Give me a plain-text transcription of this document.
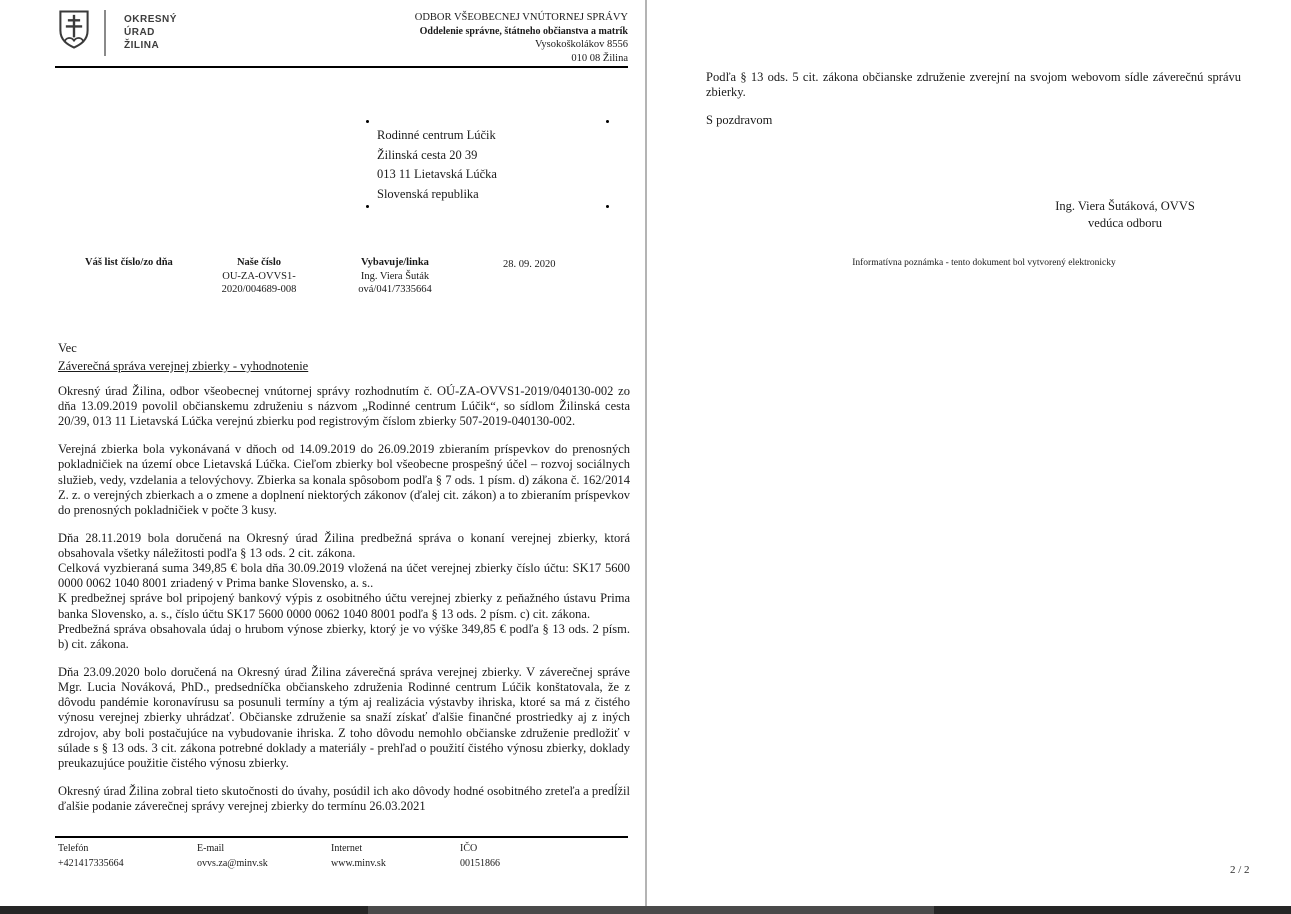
OKRESNÝ
ÚRAD
ŽILINA
ODBOR VŠEOBECNEJ VNÚTORNEJ SPRÁVY
Oddelenie správne, štátneho občianstva a matrík
Vysokoškolákov 8556
010 08 Žilina
Rodinné centrum Lúčik
Žilinská cesta 20 39
013 11 Lietavská Lúčka
Slovenská republika
Váš list číslo/zo dňa	Naše číslo
OU-ZA-OVVS1-
2020/004689-008
Vybavuje/linka
Ing. Viera Šuták
ová/041/7335664
28. 09. 2020
Vec
Záverečná správa verejnej zbierky - vyhodnotenie

Okresný úrad Žilina, odbor všeobecnej vnútornej správy rozhodnutím č. OÚ-ZA-OVVS1-2019/040130-002 zo dňa 13.09.2019 povolil občianskemu združeniu s názvom „Rodinné centrum Lúčik“, so sídlom Žilinská cesta 20/39, 013 11 Lietavská Lúčka verejnú zbierku pod registrovým číslom zbierky 507-2019-040130-002.

Verejná zbierka bola vykonávaná v dňoch od 14.09.2019 do 26.09.2019 zbieraním príspevkov do prenosných pokladničiek na území obce Lietavská Lúčka. Cieľom zbierky bol všeobecne prospešný účel – rozvoj sociálnych služieb, vedy, vzdelania a telovýchovy. Zbierka sa konala spôsobom podľa § 7 ods. 1 písm. d) zákona č. 162/2014 Z. z. o verejných zbierkach a o zmene a doplnení niektorých zákonov (ďalej cit. zákon) a to zbieraním príspevkov do prenosných pokladničiek v počte 3 kusy.

Dňa 28.11.2019 bola doručená na Okresný úrad Žilina predbežná správa o konaní verejnej zbierky, ktorá obsahovala všetky náležitosti podľa § 13 ods. 2 cit. zákona.

Celková vyzbieraná suma 349,85 € bola dňa 30.09.2019 vložená na účet verejnej zbierky číslo účtu: SK17 5600 0000 0062 1040 8001 zriadený v Prima banke Slovensko, a. s..

K predbežnej správe bol pripojený bankový výpis z osobitného účtu verejnej zbierky z peňažného ústavu Prima banka Slovensko, a. s., číslo účtu SK17 5600 0000 0062 1040 8001 podľa § 13 ods. 2 písm. c) cit. zákona.

Predbežná správa obsahovala údaj o hrubom výnose zbierky, ktorý je vo výške 349,85 € podľa § 13 ods. 2 písm. b) cit. zákona.

Dňa 23.09.2020 bolo doručená na Okresný úrad Žilina záverečná správa verejnej zbierky. V záverečnej správe Mgr. Lucia Nováková, PhD., predsedníčka občianskeho združenia Rodinné centrum Lúčik konštatovala, že z dôvodu pandémie koronavírusu sa posunuli termíny a tým aj realizácia výstavby ihriska, ktoré sa má z čistého výnosu verejnej zbierky uhrádzať. Občianske združenie sa snaží získať ďalšie finančné prostriedky aj z iných zdrojov, aby boli postačujúce na vybudovanie ihriska. Z toho dôvodu nemohlo občianske združenie predložiť v súlade s § 13 ods. 3 cit. zákona potrebné doklady a materiály - prehľad o použití čistého výnosu zbierky, doklady preukazujúce použitie čistého výnosu zbierky.

Okresný úrad Žilina zobral tieto skutočnosti do úvahy, posúdil ich ako dôvody hodné osobitného zreteľa a predĺžil ďalšie podanie záverečnej správy verejnej zbierky do termínu 26.03.2021

Telefón
+421417335664
E-mail
ovvs.za@minv.sk
Internet
www.minv.sk
IČO
00151866
Podľa § 13 ods. 5 cit. zákona občianske združenie zverejní na svojom webovom sídle záverečnú správu zbierky.
S pozdravom
Ing. Viera Šutáková, OVVS
vedúca odboru
Informatívna poznámka - tento dokument bol vytvorený elektronicky
2 / 2
